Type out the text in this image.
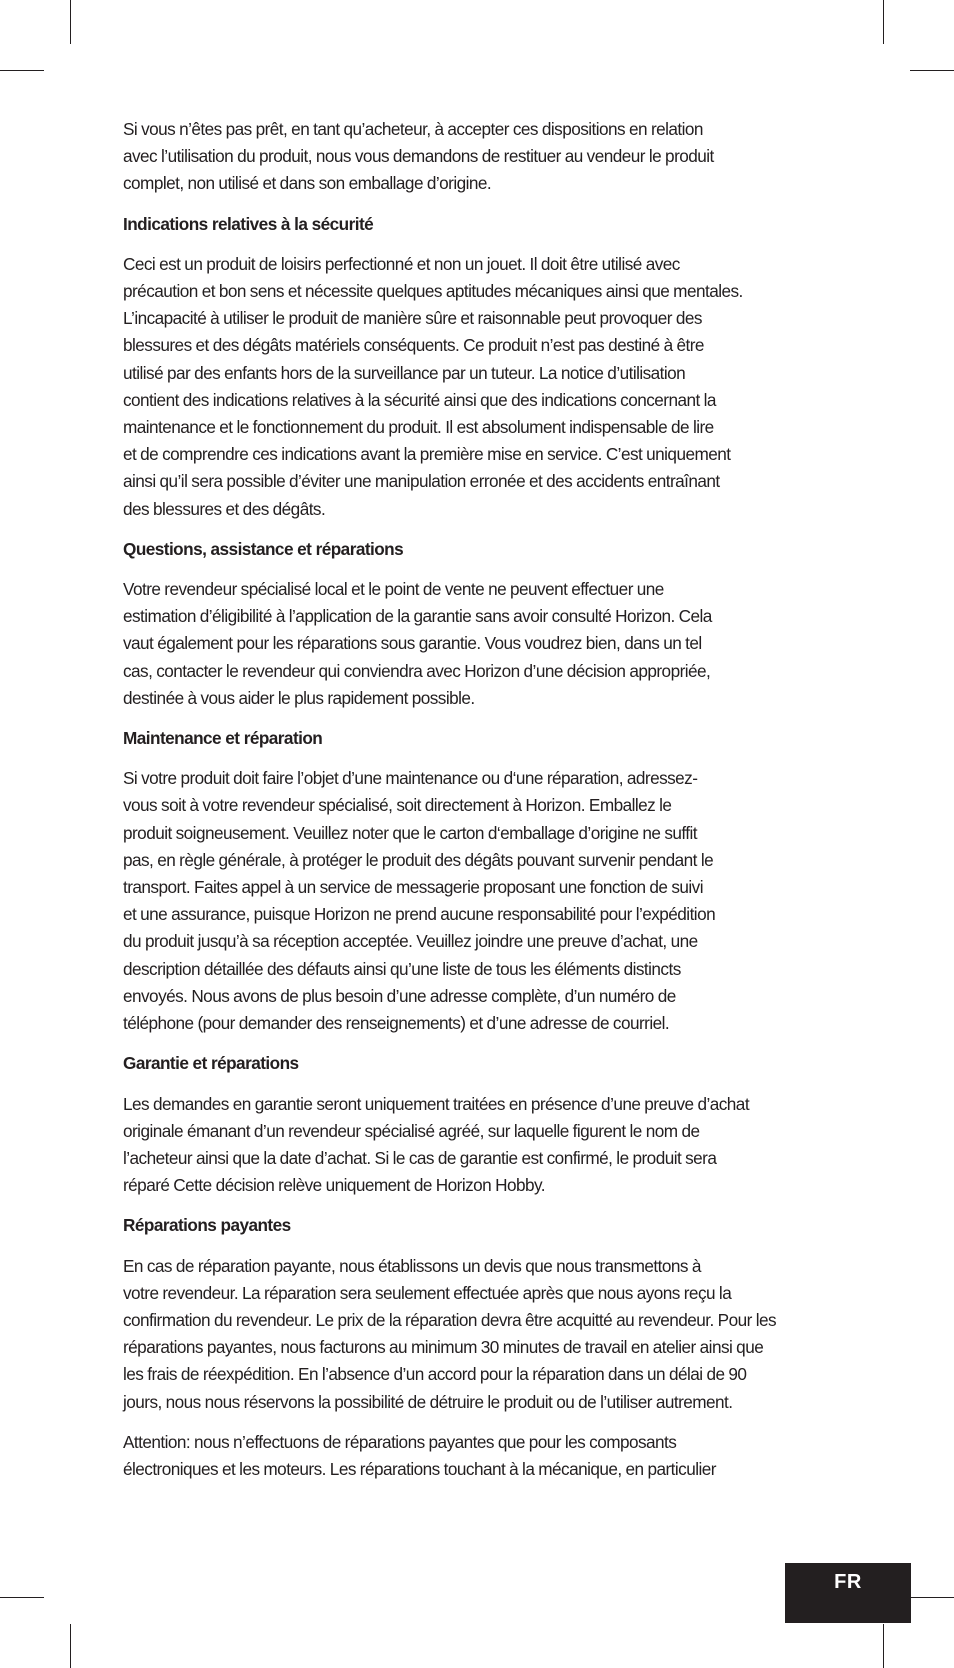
Si vous n’êtes pas prêt, en tant qu’acheteur, à accepter ces dispositions en relation
avec l’utilisation du produit, nous vous demandons de restituer au vendeur le produit
complet, non utilisé et dans son emballage d’origine.

Indications relatives à la sécurité

Ceci est un produit de loisirs perfectionné et non un jouet. Il doit être utilisé avec
précaution et bon sens et nécessite quelques aptitudes mécaniques ainsi que mentales.
L’incapacité à utiliser le produit de manière sûre et raisonnable peut provoquer des
blessures et des dégâts matériels conséquents. Ce produit n’est pas destiné à être
utilisé par des enfants hors de la surveillance par un tuteur. La notice d’utilisation
contient des indications relatives à la sécurité ainsi que des indications concernant la
maintenance et le fonctionnement du produit. Il est absolument indispensable de lire
et de comprendre ces indications avant la première mise en service. C’est uniquement
ainsi qu’il sera possible d’éviter une manipulation erronée et des accidents entraînant
des blessures et des dégâts.

Questions, assistance et réparations

Votre revendeur spécialisé local et le point de vente ne peuvent effectuer une
estimation d’éligibilité à l’application de la garantie sans avoir consulté Horizon. Cela
vaut également pour les réparations sous garantie. Vous voudrez bien, dans un tel
cas, contacter le revendeur qui conviendra avec Horizon d’une décision appropriée,
destinée à vous aider le plus rapidement possible.

Maintenance et réparation

Si votre produit doit faire l’objet d’une maintenance ou d‘une réparation, adressez-
vous soit à votre revendeur spécialisé, soit directement à Horizon. Emballez le
produit soigneusement. Veuillez noter que le carton d‘emballage d’origine ne suffit
pas, en règle générale, à protéger le produit des dégâts pouvant survenir pendant le
transport. Faites appel à un service de messagerie proposant une fonction de suivi
et une assurance, puisque Horizon ne prend aucune responsabilité pour l’expédition
du produit jusqu’à sa réception acceptée. Veuillez joindre une preuve d’achat, une
description détaillée des défauts ainsi qu’une liste de tous les éléments distincts
envoyés. Nous avons de plus besoin d’une adresse complète, d’un numéro de
téléphone (pour demander des renseignements) et d’une adresse de courriel.

Garantie et réparations

Les demandes en garantie seront uniquement traitées en présence d’une preuve d’achat
originale émanant d’un revendeur spécialisé agréé, sur laquelle figurent le nom de
l’acheteur ainsi que la date d’achat. Si le cas de garantie est confirmé, le produit sera
réparé Cette décision relève uniquement de Horizon Hobby.

Réparations payantes

En cas de réparation payante, nous établissons un devis que nous transmettons à
votre revendeur. La réparation sera seulement effectuée après que nous ayons reçu la
confirmation du revendeur. Le prix de la réparation devra être acquitté au revendeur. Pour les
réparations payantes, nous facturons au minimum 30 minutes de travail en atelier ainsi que
les frais de réexpédition. En l’absence d’un accord pour la réparation dans un délai de 90
jours, nous nous réservons la possibilité de détruire le produit ou de l’utiliser autrement.

Attention: nous n’effectuons de réparations payantes que pour les composants
électroniques et les moteurs. Les réparations touchant à la mécanique, en particulier

FR
